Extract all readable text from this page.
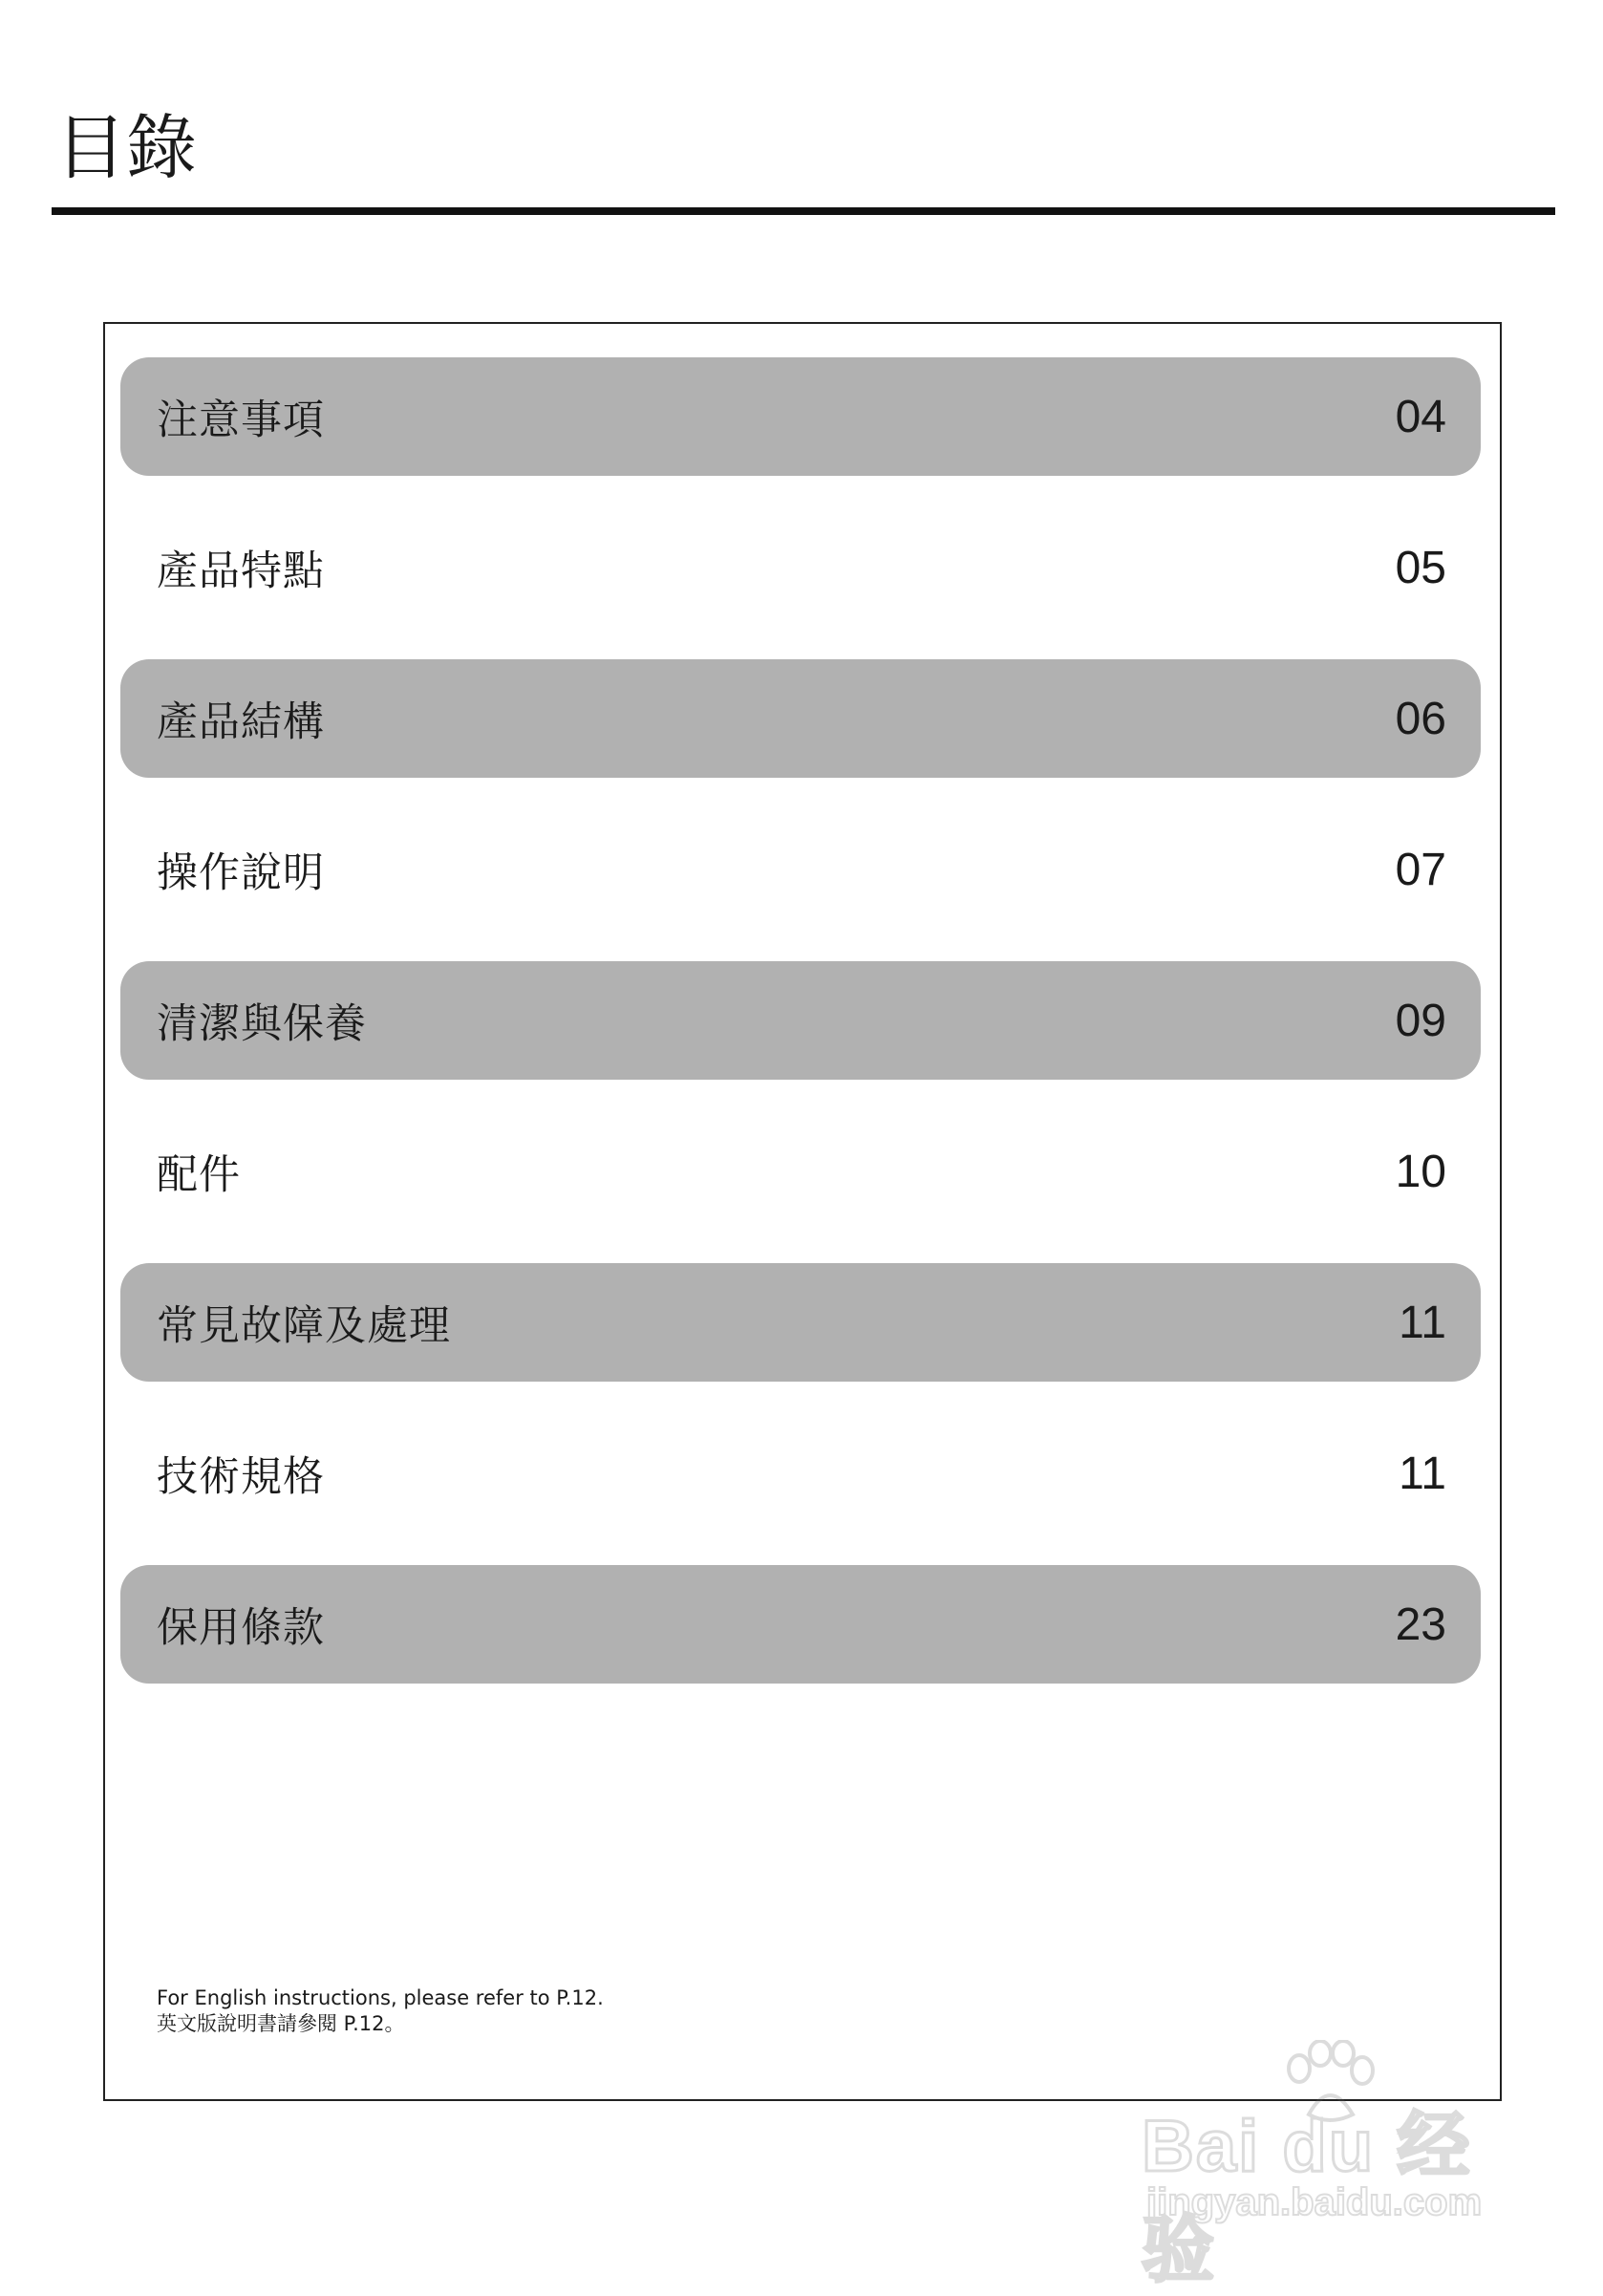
目錄
注意事項	04
產品特點	05
產品結構	06
操作說明	07
清潔與保養	09
配件	10
常見故障及處理	11
技術規格	11
保用條款	23
For English instructions, please refer to P.12.
英文版說明書請參閱 P.12。
Bai du 经验
jingyan.baidu.com
